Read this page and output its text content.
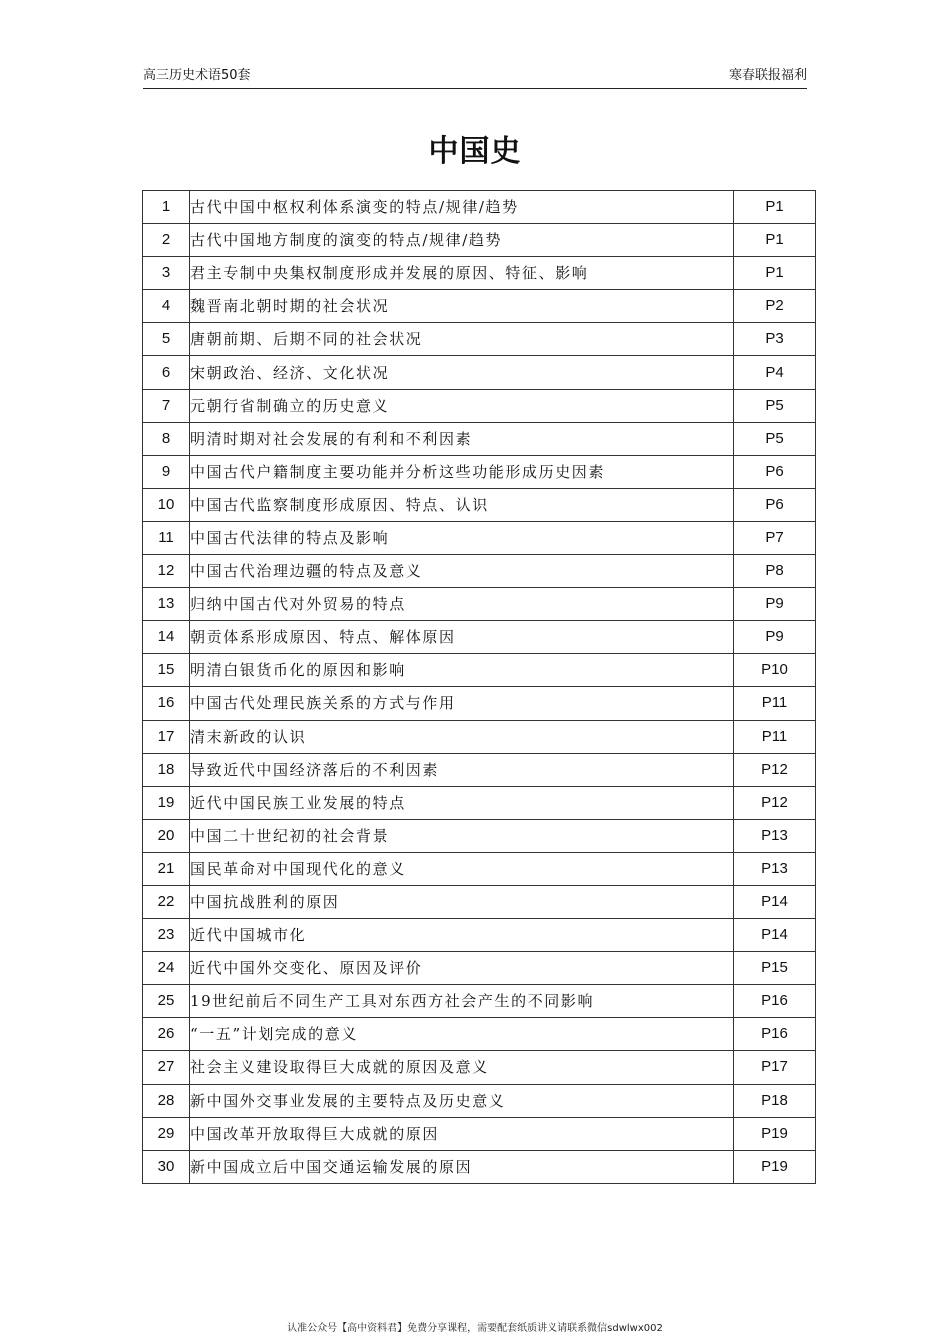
高三历史术语50套	寒春联报福利
中国史
1	古代中国中枢权利体系演变的特点/规律/趋势	P1
2	古代中国地方制度的演变的特点/规律/趋势	P1
3	君主专制中央集权制度形成并发展的原因、特征、影响	P1
4	魏晋南北朝时期的社会状况	P2
5	唐朝前期、后期不同的社会状况	P3
6	宋朝政治、经济、文化状况	P4
7	元朝行省制确立的历史意义	P5
8	明清时期对社会发展的有利和不利因素	P5
9	中国古代户籍制度主要功能并分析这些功能形成历史因素	P6
10	中国古代监察制度形成原因、特点、认识	P6
11	中国古代法律的特点及影响	P7
12	中国古代治理边疆的特点及意义	P8
13	归纳中国古代对外贸易的特点	P9
14	朝贡体系形成原因、特点、解体原因	P9
15	明清白银货币化的原因和影响	P10
16	中国古代处理民族关系的方式与作用	P11
17	清末新政的认识	P11
18	导致近代中国经济落后的不利因素	P12
19	近代中国民族工业发展的特点	P12
20	中国二十世纪初的社会背景	P13
21	国民革命对中国现代化的意义	P13
22	中国抗战胜利的原因	P14
23	近代中国城市化	P14
24	近代中国外交变化、原因及评价	P15
25	19世纪前后不同生产工具对东西方社会产生的不同影响	P16
26	“一五”计划完成的意义	P16
27	社会主义建设取得巨大成就的原因及意义	P17
28	新中国外交事业发展的主要特点及历史意义	P18
29	中国改革开放取得巨大成就的原因	P19
30	新中国成立后中国交通运输发展的原因	P19
认准公众号【高中资料君】免费分享课程，需要配套纸质讲义请联系微信sdwlwx002
